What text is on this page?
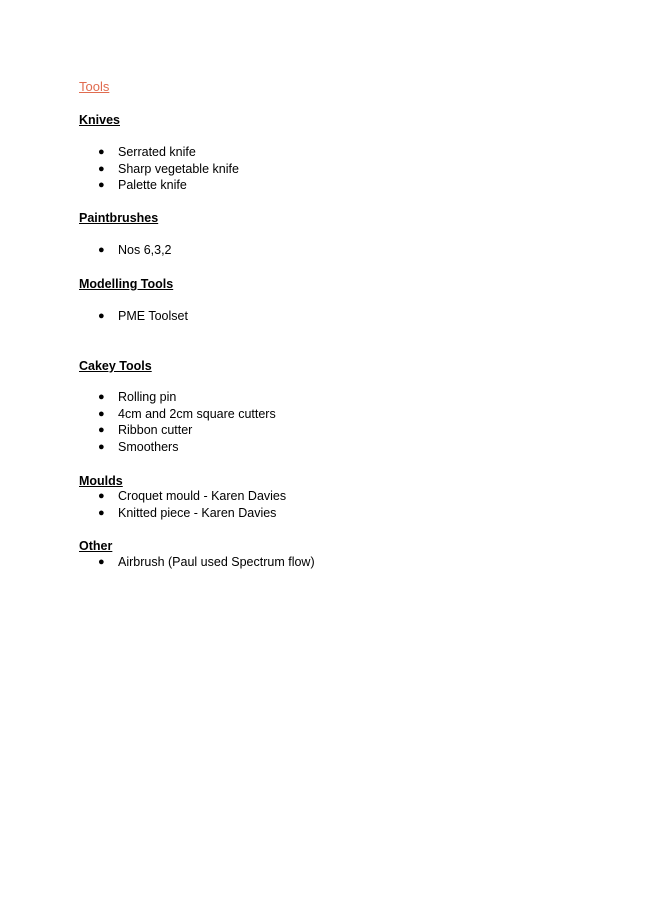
Tools
Knives
● Serrated knife
● Sharp vegetable knife
● Palette knife
Paintbrushes
● Nos 6,3,2
Modelling Tools
● PME Toolset
Cakey Tools
● Rolling pin
● 4cm and 2cm square cutters
● Ribbon cutter
● Smoothers
Moulds
● Croquet mould - Karen Davies
● Knitted piece - Karen Davies
Other
● Airbrush (Paul used Spectrum flow)
